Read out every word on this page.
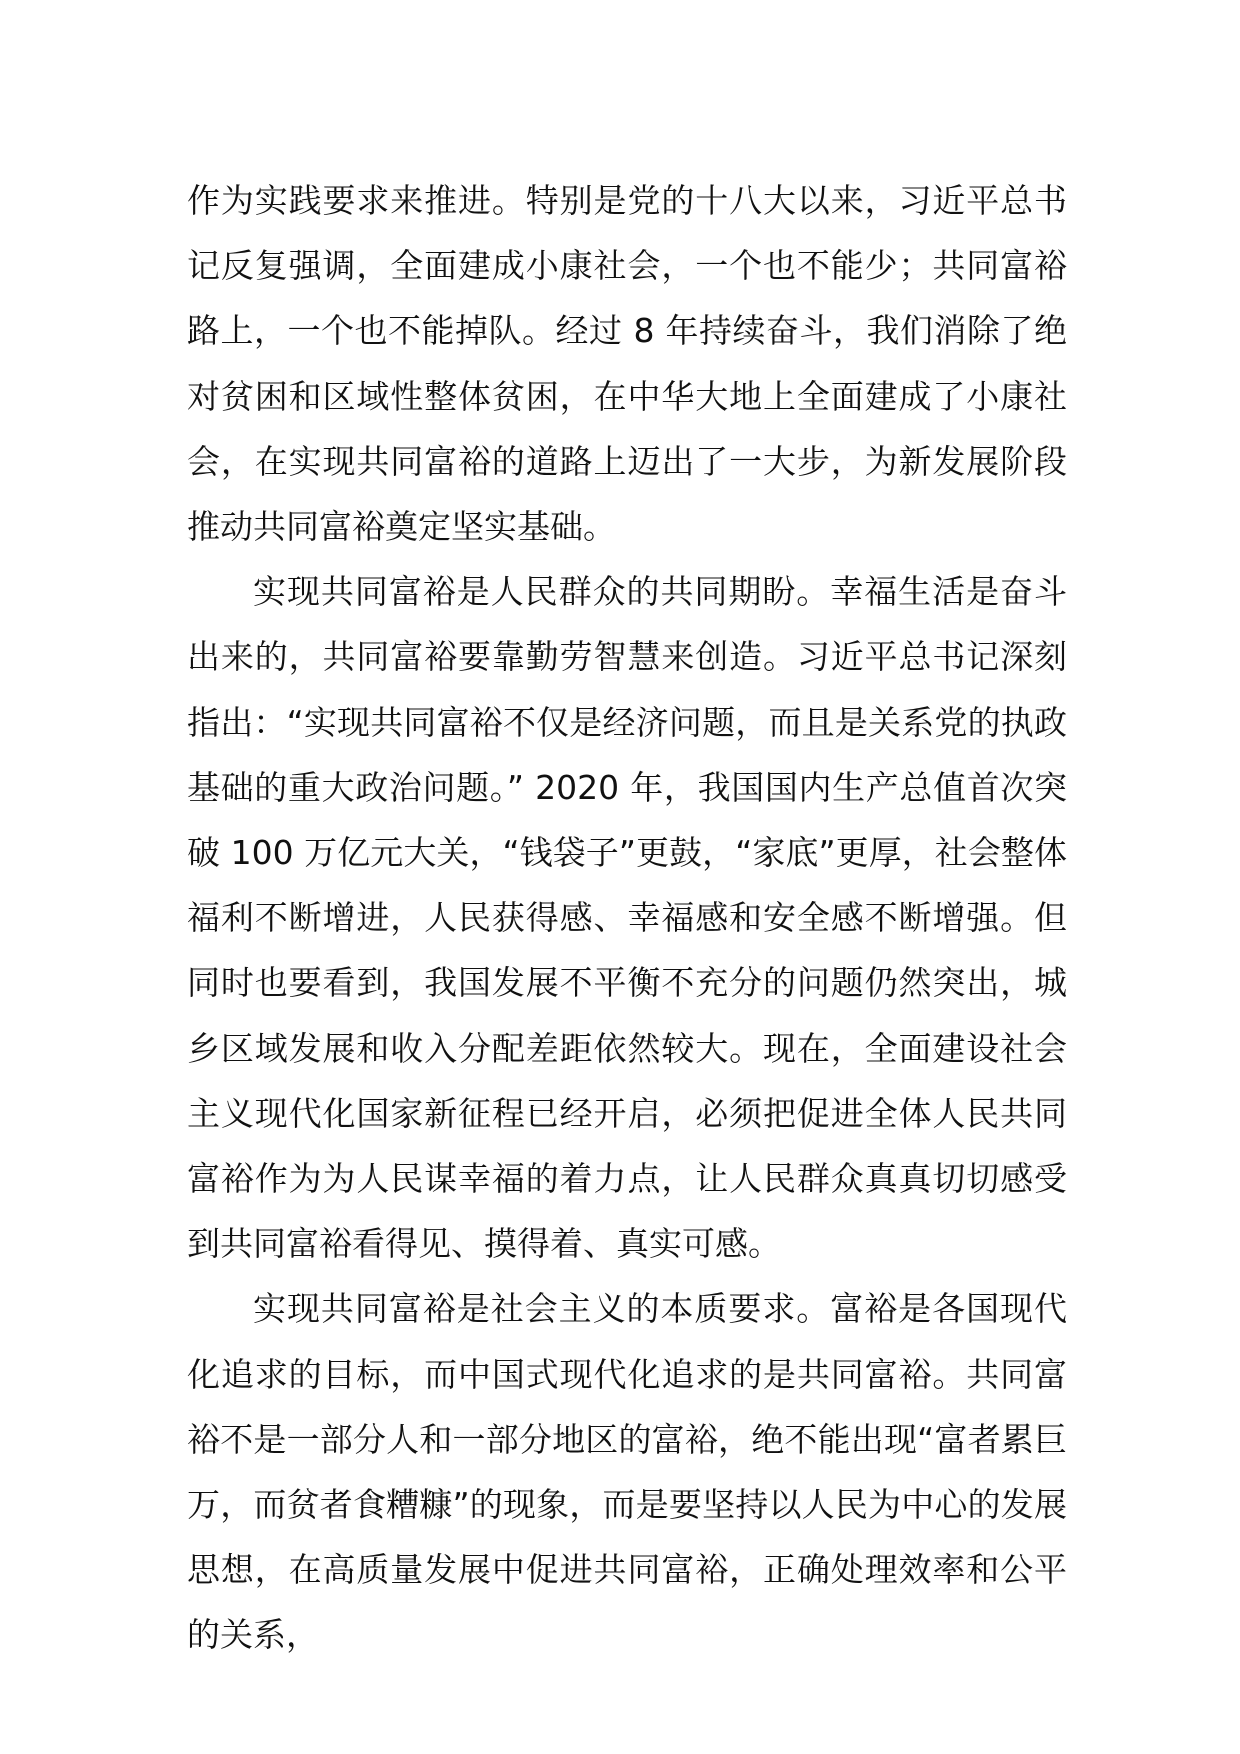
作为实践要求来推进。特别是党的十八大以来，习近平总书记反复强调，全面建成小康社会，一个也不能少；共同富裕路上，一个也不能掉队。经过 8 年持续奋斗，我们消除了绝对贫困和区域性整体贫困，在中华大地上全面建成了小康社会，在实现共同富裕的道路上迈出了一大步，为新发展阶段推动共同富裕奠定坚实基础。

实现共同富裕是人民群众的共同期盼。幸福生活是奋斗出来的，共同富裕要靠勤劳智慧来创造。习近平总书记深刻指出：“实现共同富裕不仅是经济问题，而且是关系党的执政基础的重大政治问题。” 2020 年，我国国内生产总值首次突破 100 万亿元大关，“钱袋子”更鼓，“家底”更厚，社会整体福利不断增进，人民获得感、幸福感和安全感不断增强。但同时也要看到，我国发展不平衡不充分的问题仍然突出，城乡区域发展和收入分配差距依然较大。现在，全面建设社会主义现代化国家新征程已经开启，必须把促进全体人民共同富裕作为为人民谋幸福的着力点，让人民群众真真切切感受到共同富裕看得见、摸得着、真实可感。

实现共同富裕是社会主义的本质要求。富裕是各国现代化追求的目标，而中国式现代化追求的是共同富裕。共同富裕不是一部分人和一部分地区的富裕，绝不能出现“富者累巨万，而贫者食糟糠”的现象，而是要坚持以人民为中心的发展思想，在高质量发展中促进共同富裕，正确处理效率和公平的关系，
